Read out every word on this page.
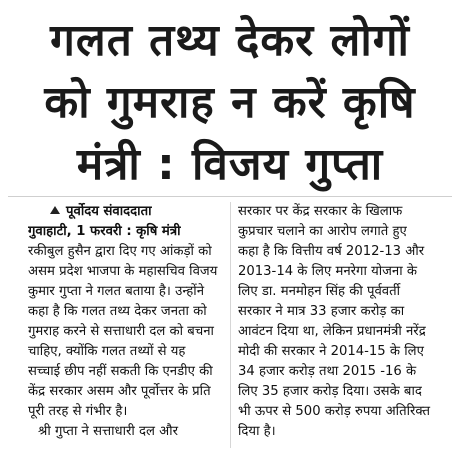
गलत तथ्य देकर लोगों
को गुमराह न करें कृषि
मंत्री : विजय गुप्ता
पूर्वोदय संवाददाता
गुवाहाटी, 1 फरवरी : कृषि मंत्री
रकीबुल हुसैन द्वारा दिए गए आंकड़ों को
असम प्रदेश भाजपा के महासचिव विजय
कुमार गुप्ता ने गलत बताया है। उन्होंने
कहा है कि गलत तथ्य देकर जनता को
गुमराह करने से सत्ताधारी दल को बचना
चाहिए, क्योंकि गलत तथ्यों से यह
सच्चाई छीप नहीं सकती कि एनडीए की
केंद्र सरकार असम और पूर्वोत्तर के प्रति
पूरी तरह से गंभीर है।
श्री गुप्ता ने सत्ताधारी दल और
सरकार पर केंद्र सरकार के खिलाफ
कुप्रचार चलाने का आरोप लगाते हुए
कहा है कि वित्तीय वर्ष 2012-13 और
2013-14 के लिए मनरेगा योजना के
लिए डा. मनमोहन सिंह की पूर्ववर्ती
सरकार ने मात्र 33 हजार करोड़ का
आवंटन दिया था, लेकिन प्रधानमंत्री नरेंद्र
मोदी की सरकार ने 2014-15 के लिए
34 हजार करोड़ तथा 2015 -16 के
लिए 35 हजार करोड़ दिया। उसके बाद
भी ऊपर से 500 करोड़ रुपया अतिरिक्त
दिया है।
